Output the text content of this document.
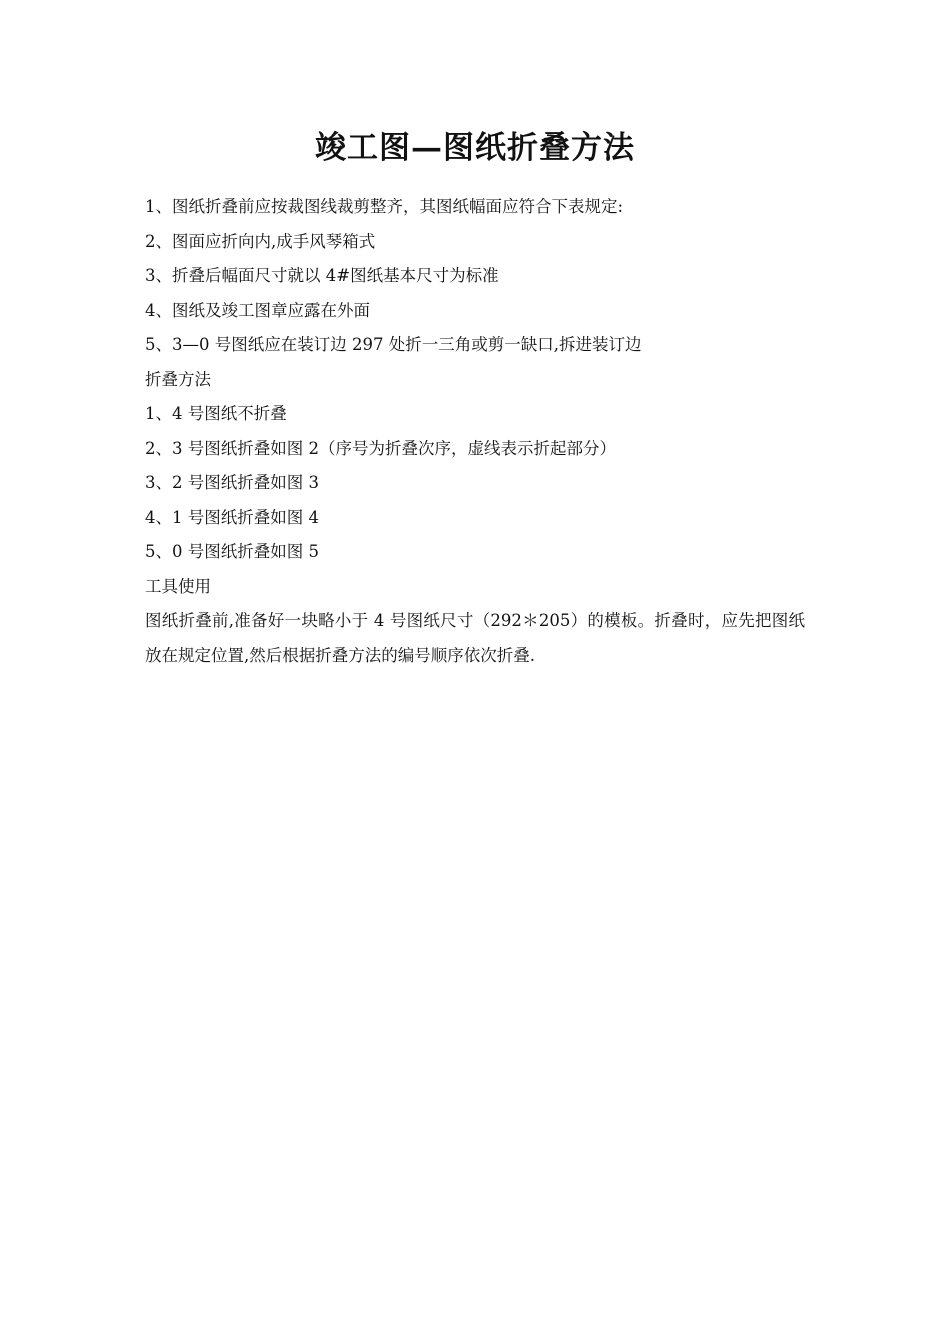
竣工图—图纸折叠方法
1、图纸折叠前应按裁图线裁剪整齐，其图纸幅面应符合下表规定:
2、图面应折向内,成手风琴箱式
3、折叠后幅面尺寸就以 4#图纸基本尺寸为标准
4、图纸及竣工图章应露在外面
5、3—0 号图纸应在装订边 297 处折一三角或剪一缺口,拆进装订边
折叠方法
1、4 号图纸不折叠
2、3 号图纸折叠如图 2（序号为折叠次序，虚线表示折起部分）
3、2 号图纸折叠如图 3
4、1 号图纸折叠如图 4
5、0 号图纸折叠如图 5
工具使用
图纸折叠前,准备好一块略小于 4 号图纸尺寸（292＊205）的模板。折叠时，应先把图纸放在规定位置,然后根据折叠方法的编号顺序依次折叠.
